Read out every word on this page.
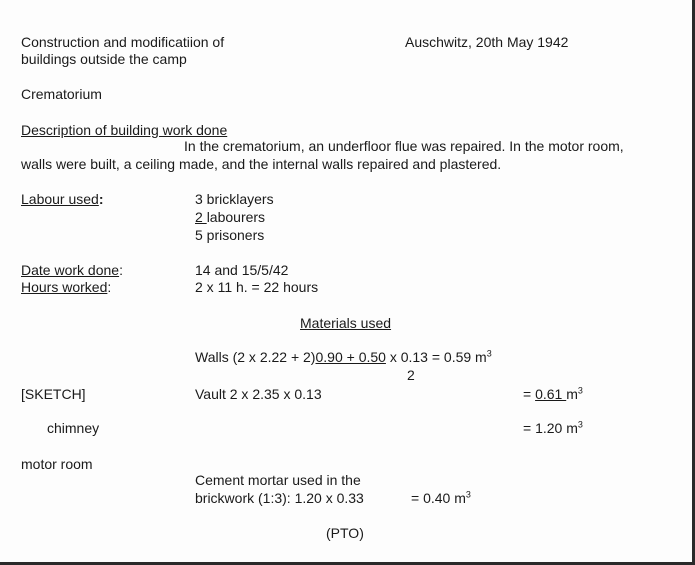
Construction and modificatiion of
buildings outside the camp
Auschwitz, 20th May 1942
Crematorium
Description of building work done
In the crematorium, an underfloor flue was repaired. In the motor room,
walls were built, a ceiling made, and the internal walls repaired and plastered.
Labour used:	3 bricklayers
2 labourers
5 prisoners
Date work done:	14 and 15/5/42
Hours worked:	2 x 11 h. = 22 hours
Materials used
Walls (2 x 2.22 + 2)0.90 + 0.50 x 0.13 = 0.59 $m^3$
2
[SKETCH]	Vault 2 x 2.35 x 0.13	= 0.61 $m^3$
chimney	= 1.20 $m^3$
motor room
Cement mortar used in the
brickwork (1:3): 1.20 x 0.33	= 0.40 $m^3$
(PTO)
